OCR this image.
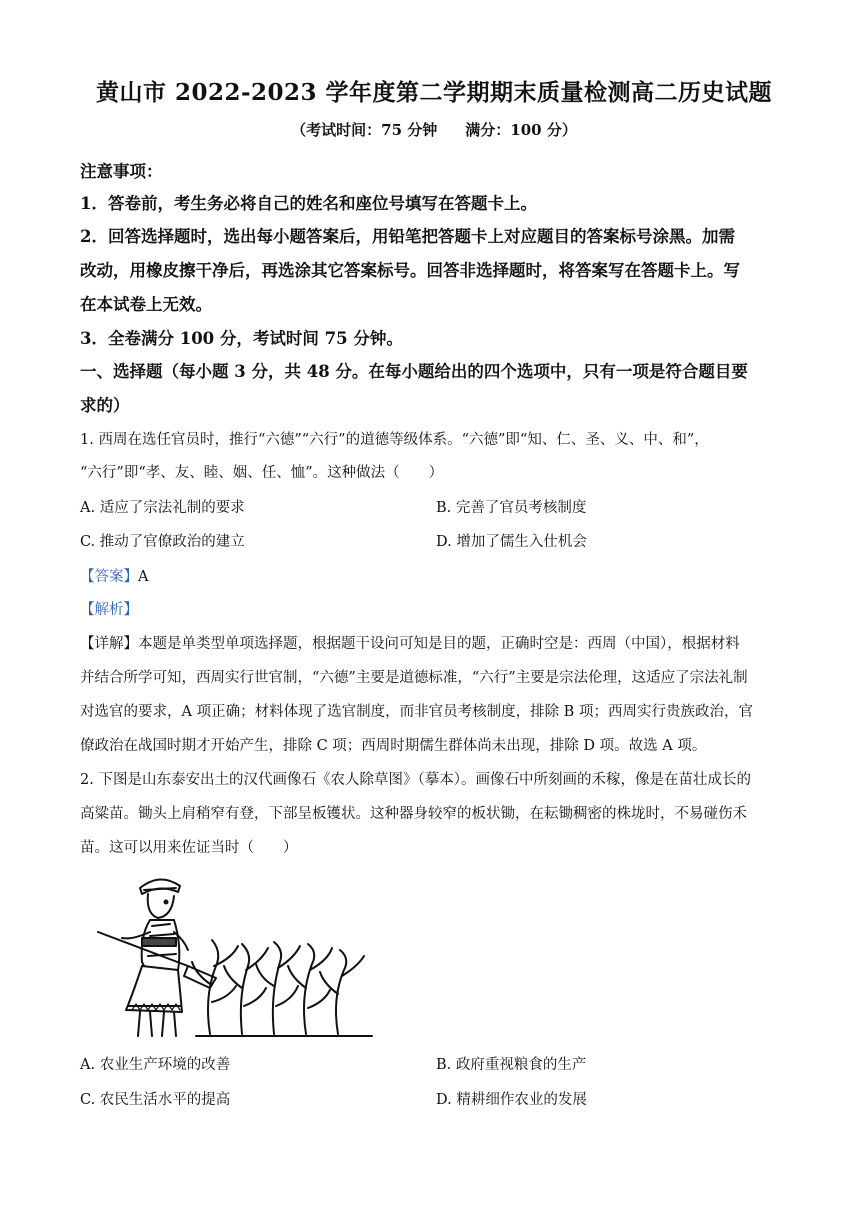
黄山市 2022-2023 学年度第二学期期末质量检测高二历史试题
（考试时间：75 分钟 满分：100 分）
注意事项：
1．答卷前，考生务必将自己的姓名和座位号填写在答题卡上。
2．回答选择题时，选出每小题答案后，用铅笔把答题卡上对应题目的答案标号涂黑。加需
改动，用橡皮擦干净后，再选涂其它答案标号。回答非选择题时，将答案写在答题卡上。写
在本试卷上无效。
3．全卷满分 100 分，考试时间 75 分钟。
一、选择题（每小题 3 分，共 48 分。在每小题给出的四个选项中，只有一项是符合题目要
求的）
1. 西周在选任官员时，推行“六德”“六行”的道德等级体系。“六德”即“知、仁、圣、义、中、和”，
“六行”即“孝、友、睦、姻、任、恤”。这种做法（　　）
A. 适应了宗法礼制的要求	B. 完善了官员考核制度
C. 推动了官僚政治的建立	D. 增加了儒生入仕机会
【答案】A
【解析】
【详解】本题是单类型单项选择题，根据题干设问可知是目的题，正确时空是：西周（中国），根据材料
并结合所学可知，西周实行世官制，“六德”主要是道德标准，“六行”主要是宗法伦理，这适应了宗法礼制
对选官的要求，A 项正确；材料体现了选官制度，而非官员考核制度，排除 B 项；西周实行贵族政治，官
僚政治在战国时期才开始产生，排除 C 项；西周时期儒生群体尚未出现，排除 D 项。故选 A 项。
2. 下图是山东泰安出土的汉代画像石《农人除草图》（摹本）。画像石中所刻画的禾稼，像是在苗壮成长的
高粱苗。锄头上肩稍窄有登，下部呈板镬状。这种器身较窄的板状锄，在耘锄稠密的株垅时，不易碰伤禾
苗。这可以用来佐证当时（　　）
A. 农业生产环境的改善	B. 政府重视粮食的生产
C. 农民生活水平的提高	D. 精耕细作农业的发展
